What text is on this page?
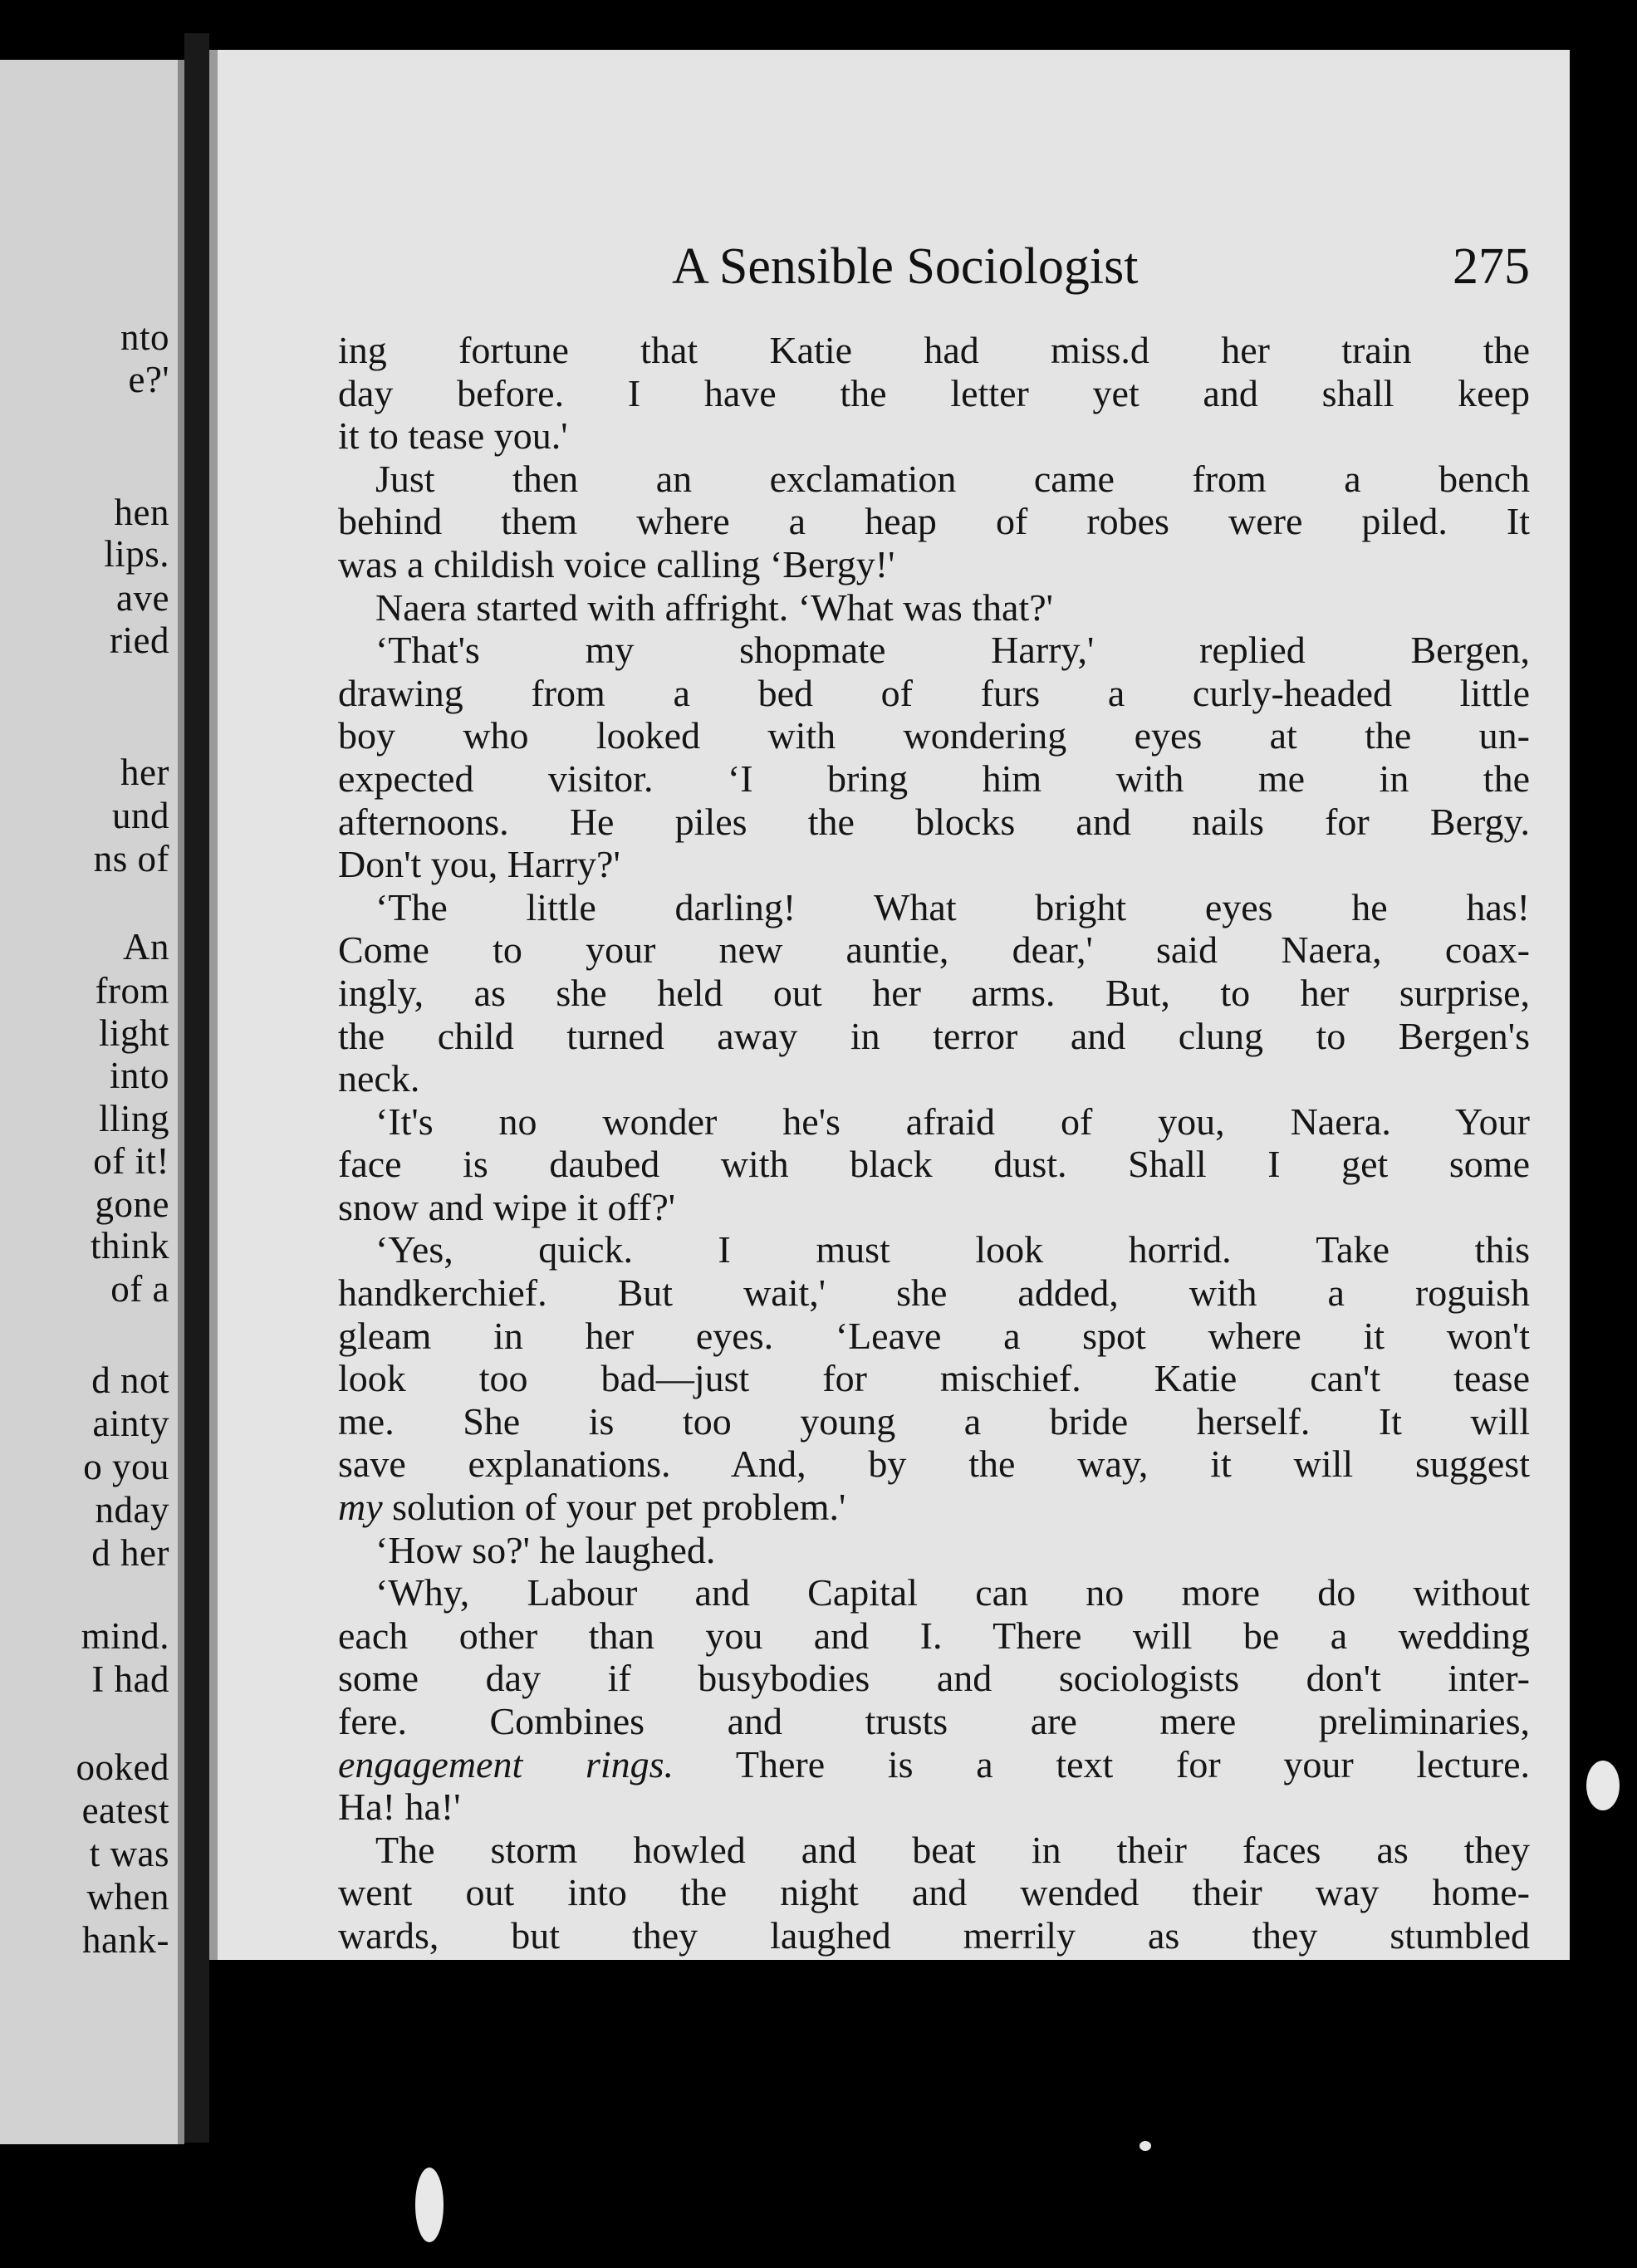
nto
e?'
hen
lips.
ave
ried
her
und
ns of
An
from
light
into
lling
of it!
gone
think
of a
d not
ainty
o you
nday
d her
mind.
I had
ooked
eatest
t was
when
hank-
A Sensible Sociologist	275
ing fortune that Katie had miss.d her train the
day before. I have the letter yet and shall keep
it to tease you.'
Just then an exclamation came from a bench
behind them where a heap of robes were piled. It
was a childish voice calling ‘Bergy!'
Naera started with affright. ‘What was that?'
‘That's my shopmate Harry,' replied Bergen,
drawing from a bed of furs a curly-headed little
boy who looked with wondering eyes at the un-
expected visitor. ‘I bring him with me in the
afternoons. He piles the blocks and nails for Bergy.
Don't you, Harry?'
‘The little darling! What bright eyes he has!
Come to your new auntie, dear,' said Naera, coax-
ingly, as she held out her arms. But, to her surprise,
the child turned away in terror and clung to Bergen's
neck.
‘It's no wonder he's afraid of you, Naera. Your
face is daubed with black dust. Shall I get some
snow and wipe it off?'
‘Yes, quick. I must look horrid. Take this
handkerchief. But wait,' she added, with a roguish
gleam in her eyes. ‘Leave a spot where it won't
look too bad—just for mischief. Katie can't tease
me. She is too young a bride herself. It will
save explanations. And, by the way, it will suggest
my solution of your pet problem.'
‘How so?' he laughed.
‘Why, Labour and Capital can no more do without
each other than you and I. There will be a wedding
some day if busybodies and sociologists don't inter-
fere. Combines and trusts are mere preliminaries,
engagement rings. There is a text for your lecture.
Ha! ha!'
The storm howled and beat in their faces as they
went out into the night and wended their way home-
wards, but they laughed merrily as they stumbled
